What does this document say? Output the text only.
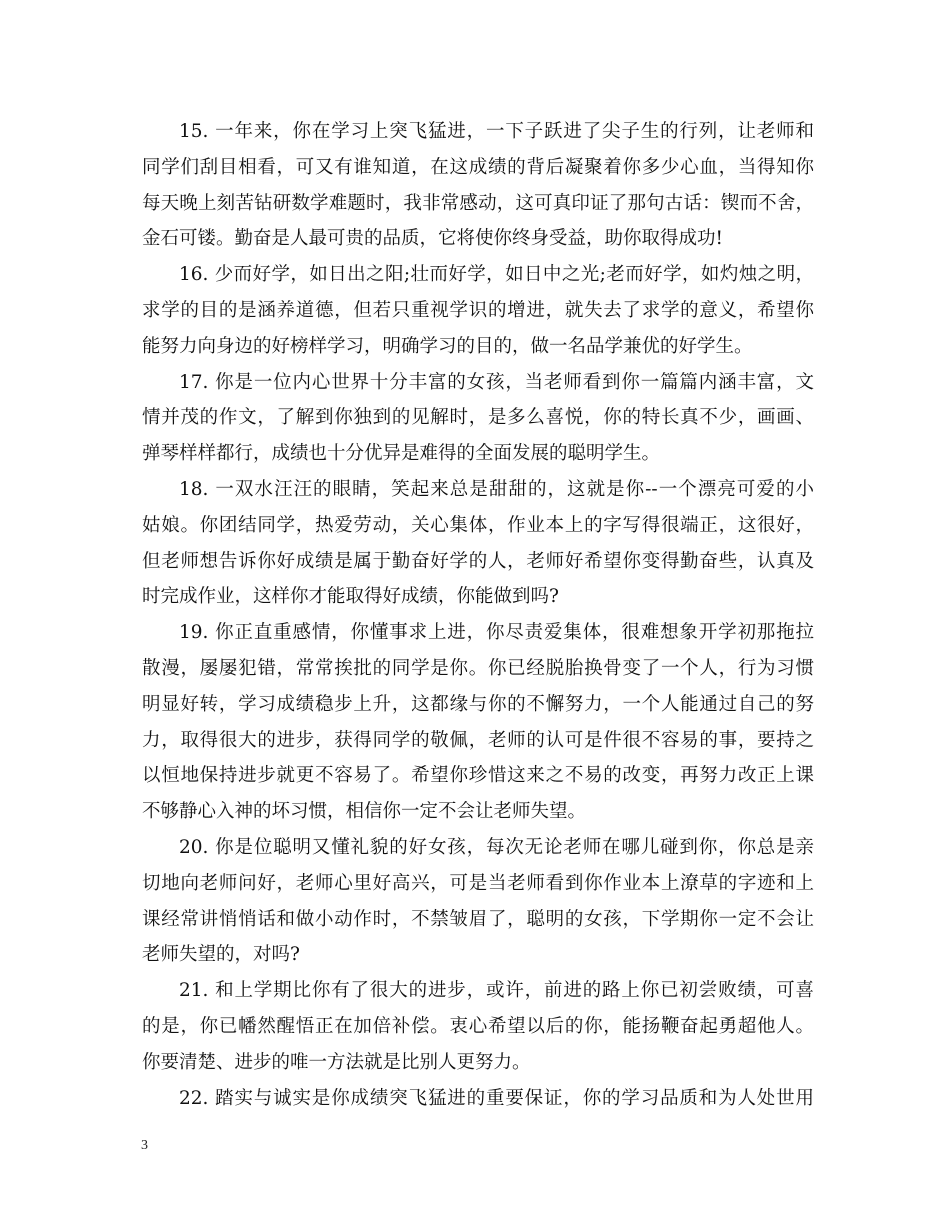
15. 一年来，你在学习上突飞猛进，一下子跃进了尖子生的行列，让老师和
同学们刮目相看，可又有谁知道，在这成绩的背后凝聚着你多少心血，当得知你
每天晚上刻苦钻研数学难题时，我非常感动，这可真印证了那句古话：锲而不舍，
金石可镂。勤奋是人最可贵的品质，它将使你终身受益，助你取得成功!
16. 少而好学，如日出之阳;壮而好学，如日中之光;老而好学，如灼烛之明，
求学的目的是涵养道德，但若只重视学识的增进，就失去了求学的意义，希望你
能努力向身边的好榜样学习，明确学习的目的，做一名品学兼优的好学生。
17. 你是一位内心世界十分丰富的女孩，当老师看到你一篇篇内涵丰富，文
情并茂的作文，了解到你独到的见解时，是多么喜悦，你的特长真不少，画画、
弹琴样样都行，成绩也十分优异是难得的全面发展的聪明学生。
18. 一双水汪汪的眼睛，笑起来总是甜甜的，这就是你--一个漂亮可爱的小
姑娘。你团结同学，热爱劳动，关心集体，作业本上的字写得很端正，这很好，
但老师想告诉你好成绩是属于勤奋好学的人，老师好希望你变得勤奋些，认真及
时完成作业，这样你才能取得好成绩，你能做到吗?
19. 你正直重感情，你懂事求上进，你尽责爱集体，很难想象开学初那拖拉
散漫，屡屡犯错，常常挨批的同学是你。你已经脱胎换骨变了一个人，行为习惯
明显好转，学习成绩稳步上升，这都缘与你的不懈努力，一个人能通过自己的努
力，取得很大的进步，获得同学的敬佩，老师的认可是件很不容易的事，要持之
以恒地保持进步就更不容易了。希望你珍惜这来之不易的改变，再努力改正上课
不够静心入神的坏习惯，相信你一定不会让老师失望。
20. 你是位聪明又懂礼貌的好女孩，每次无论老师在哪儿碰到你，你总是亲
切地向老师问好，老师心里好高兴，可是当老师看到你作业本上潦草的字迹和上
课经常讲悄悄话和做小动作时，不禁皱眉了，聪明的女孩，下学期你一定不会让
老师失望的，对吗?
21. 和上学期比你有了很大的进步，或许，前进的路上你已初尝败绩，可喜
的是，你已幡然醒悟正在加倍补偿。衷心希望以后的你，能扬鞭奋起勇超他人。
你要清楚、进步的唯一方法就是比别人更努力。
22. 踏实与诚实是你成绩突飞猛进的重要保证，你的学习品质和为人处世用
3
